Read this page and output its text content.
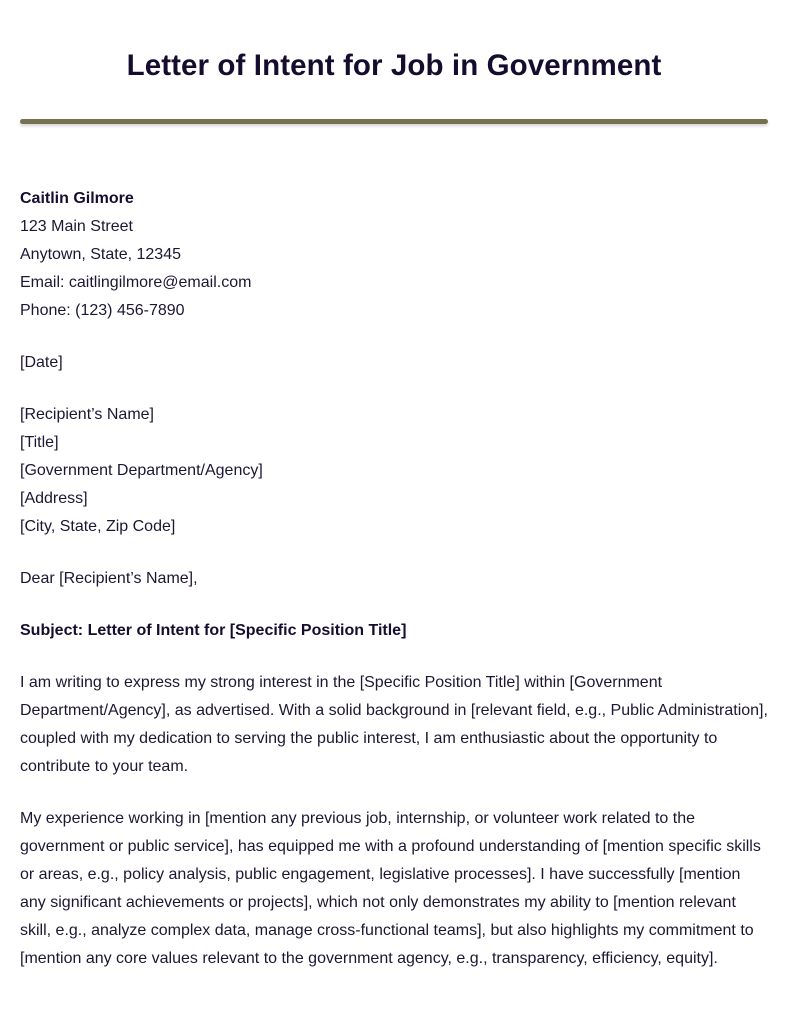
Letter of Intent for Job in Government

Caitlin Gilmore
123 Main Street
Anytown, State, 12345
Email: caitlingilmore@email.com
Phone: (123) 456-7890

[Date]

[Recipient’s Name]
[Title]
[Government Department/Agency]
[Address]
[City, State, Zip Code]

Dear [Recipient’s Name],

Subject: Letter of Intent for [Specific Position Title]

I am writing to express my strong interest in the [Specific Position Title] within [Government Department/Agency], as advertised. With a solid background in [relevant field, e.g., Public Administration], coupled with my dedication to serving the public interest, I am enthusiastic about the opportunity to contribute to your team.

My experience working in [mention any previous job, internship, or volunteer work related to the government or public service], has equipped me with a profound understanding of [mention specific skills or areas, e.g., policy analysis, public engagement, legislative processes]. I have successfully [mention any significant achievements or projects], which not only demonstrates my ability to [mention relevant skill, e.g., analyze complex data, manage cross-functional teams], but also highlights my commitment to [mention any core values relevant to the government agency, e.g., transparency, efficiency, equity].
